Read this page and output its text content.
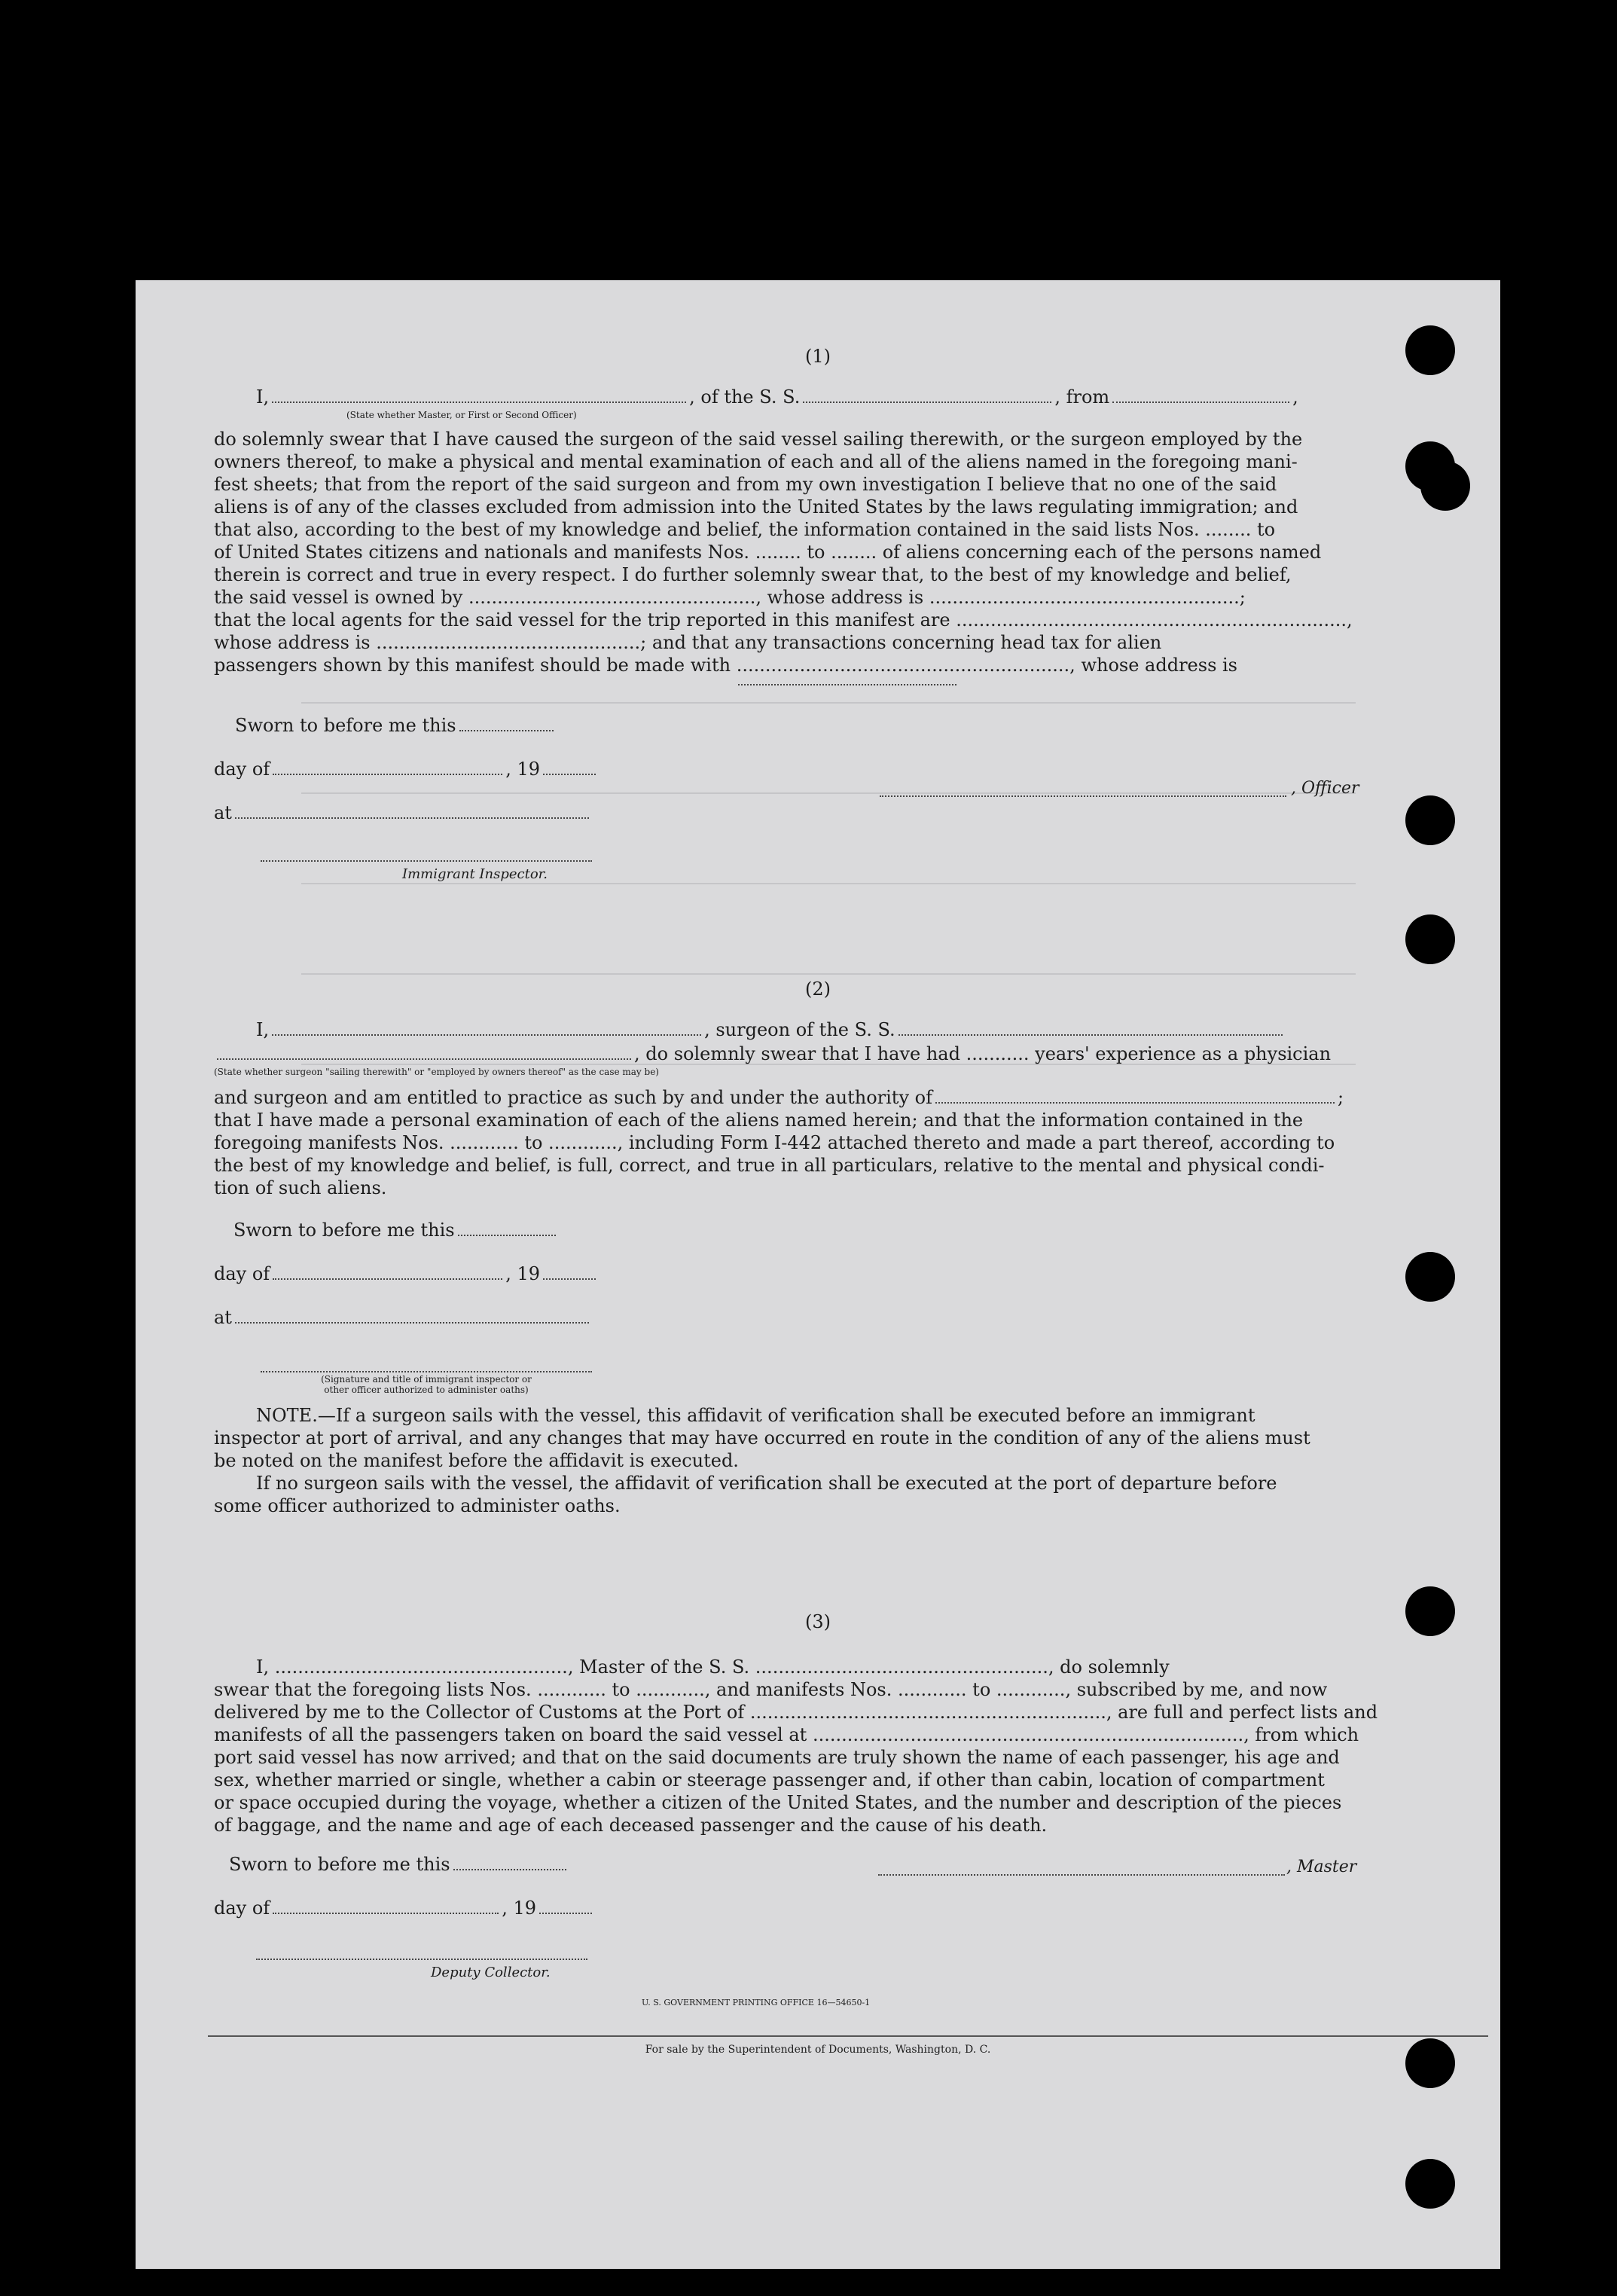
(1)
I,	, of the S. S.	, from	,
(State whether Master, or First or Second Officer)
do solemnly swear that I have caused the surgeon of the said vessel sailing therewith, or the surgeon employed by the
owners thereof, to make a physical and mental examination of each and all of the aliens named in the foregoing mani-
fest sheets; that from the report of the said surgeon and from my own investigation I believe that no one of the said
aliens is of any of the classes excluded from admission into the United States by the laws regulating immigration; and
that also, according to the best of my knowledge and belief, the information contained in the said lists Nos. ........ to
of United States citizens and nationals and manifests Nos. ........ to ........ of aliens concerning each of the persons named
therein is correct and true in every respect. I do further solemnly swear that, to the best of my knowledge and belief,
the said vessel is owned by .................................................., whose address is ......................................................;
that the local agents for the said vessel for the trip reported in this manifest are ....................................................................,
whose address is ..............................................; and that any transactions concerning head tax for alien
passengers shown by this manifest should be made with .........................................................., whose address is
Sworn to before me this
day of	, 19
at
, Officer
Immigrant Inspector.
(2)
I,	, surgeon of the S. S.
, do solemnly swear that I have had ........... years' experience as a physician
(State whether surgeon "sailing therewith" or "employed by owners thereof" as the case may be)
and surgeon and am entitled to practice as such by and under the authority of	;
that I have made a personal examination of each of the aliens named herein; and that the information contained in the
foregoing manifests Nos. ............ to ............, including Form I-442 attached thereto and made a part thereof, according to
the best of my knowledge and belief, is full, correct, and true in all particulars, relative to the mental and physical condi-
tion of such aliens.
Sworn to before me this
day of	, 19
at
(Signature and title of immigrant inspector or
other officer authorized to administer oaths)
NOTE.—If a surgeon sails with the vessel, this affidavit of verification shall be executed before an immigrant
inspector at port of arrival, and any changes that may have occurred en route in the condition of any of the aliens must
be noted on the manifest before the affidavit is executed.
If no surgeon sails with the vessel, the affidavit of verification shall be executed at the port of departure before
some officer authorized to administer oaths.
(3)
I, ..................................................., Master of the S. S. ..................................................., do solemnly
swear that the foregoing lists Nos. ............ to ............, and manifests Nos. ............ to ............, subscribed by me, and now
delivered by me to the Collector of Customs at the Port of .............................................................., are full and perfect lists and
manifests of all the passengers taken on board the said vessel at ..........................................................................., from which
port said vessel has now arrived; and that on the said documents are truly shown the name of each passenger, his age and
sex, whether married or single, whether a cabin or steerage passenger and, if other than cabin, location of compartment
or space occupied during the voyage, whether a citizen of the United States, and the number and description of the pieces
of baggage, and the name and age of each deceased passenger and the cause of his death.
Sworn to before me this	, Master
day of	, 19
Deputy Collector.
U. S. GOVERNMENT PRINTING OFFICE 16—54650-1
For sale by the Superintendent of Documents, Washington, D. C.
